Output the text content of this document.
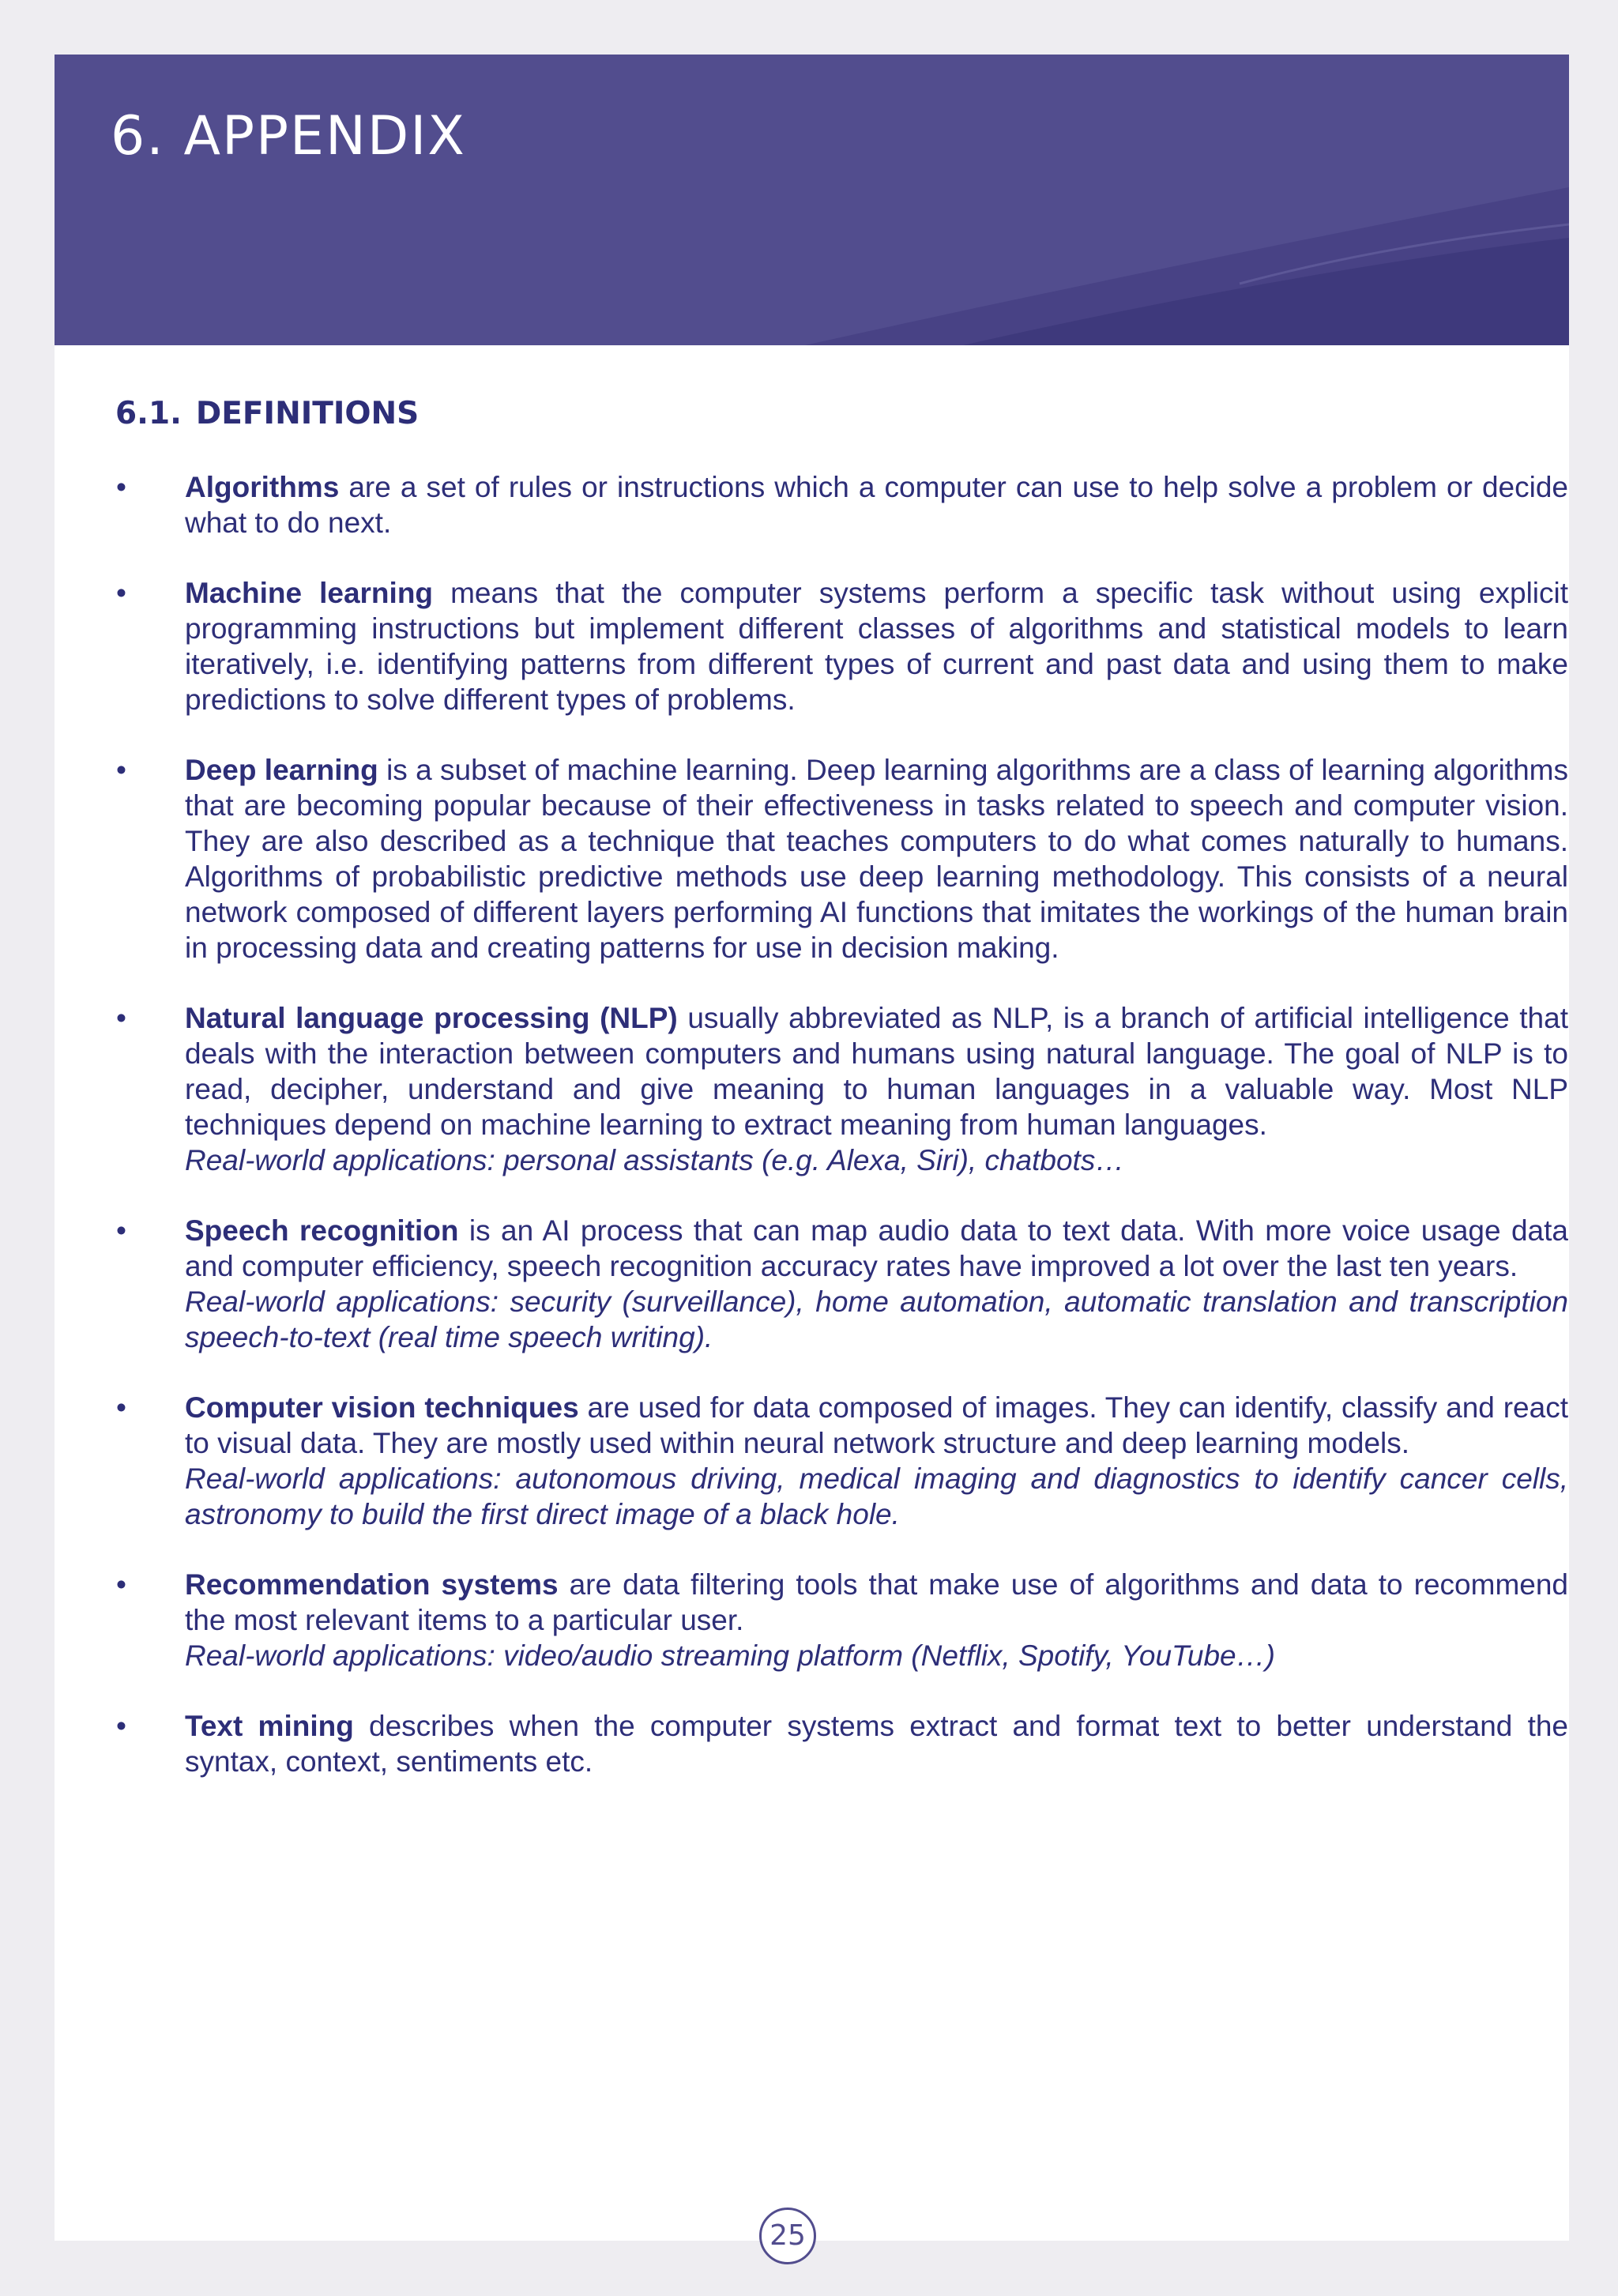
6. APPENDIX
6.1. DEFINITIONS
• Algorithms are a set of rules or instructions which a computer can use to help solve a problem or decide what to do next.
• Machine learning means that the computer systems perform a specific task without using explicit programming instructions but implement different classes of algorithms and statistical models to learn iteratively, i.e. identifying patterns from different types of current and past data and using them to make predictions to solve different types of problems.
• Deep learning is a subset of machine learning. Deep learning algorithms are a class of learning algorithms that are becoming popular because of their effectiveness in tasks related to speech and computer vision. They are also described as a technique that teaches computers to do what comes naturally to humans. Algorithms of probabilistic predictive methods use deep learning methodology. This consists of a neural network composed of different layers performing AI functions that imitates the workings of the human brain in processing data and creating patterns for use in decision making.
• Natural language processing (NLP) usually abbreviated as NLP, is a branch of artificial intelligence that deals with the interaction between computers and humans using natural language. The goal of NLP is to read, decipher, understand and give meaning to human languages in a valuable way. Most NLP techniques depend on machine learning to extract meaning from human languages.
Real-world applications: personal assistants (e.g. Alexa, Siri), chatbots…
• Speech recognition is an AI process that can map audio data to text data. With more voice usage data and computer efficiency, speech recognition accuracy rates have improved a lot over the last ten years.
Real-world applications: security (surveillance), home automation, automatic translation and transcription speech-to-text (real time speech writing).
• Computer vision techniques are used for data composed of images. They can identify, classify and react to visual data. They are mostly used within neural network structure and deep learning models.
Real-world applications: autonomous driving, medical imaging and diagnostics to identify cancer cells, astronomy to build the first direct image of a black hole.
• Recommendation systems are data filtering tools that make use of algorithms and data to recommend the most relevant items to a particular user.
Real-world applications: video/audio streaming platform (Netflix, Spotify, YouTube…)
• Text mining describes when the computer systems extract and format text to better understand the syntax, context, sentiments etc.
25
